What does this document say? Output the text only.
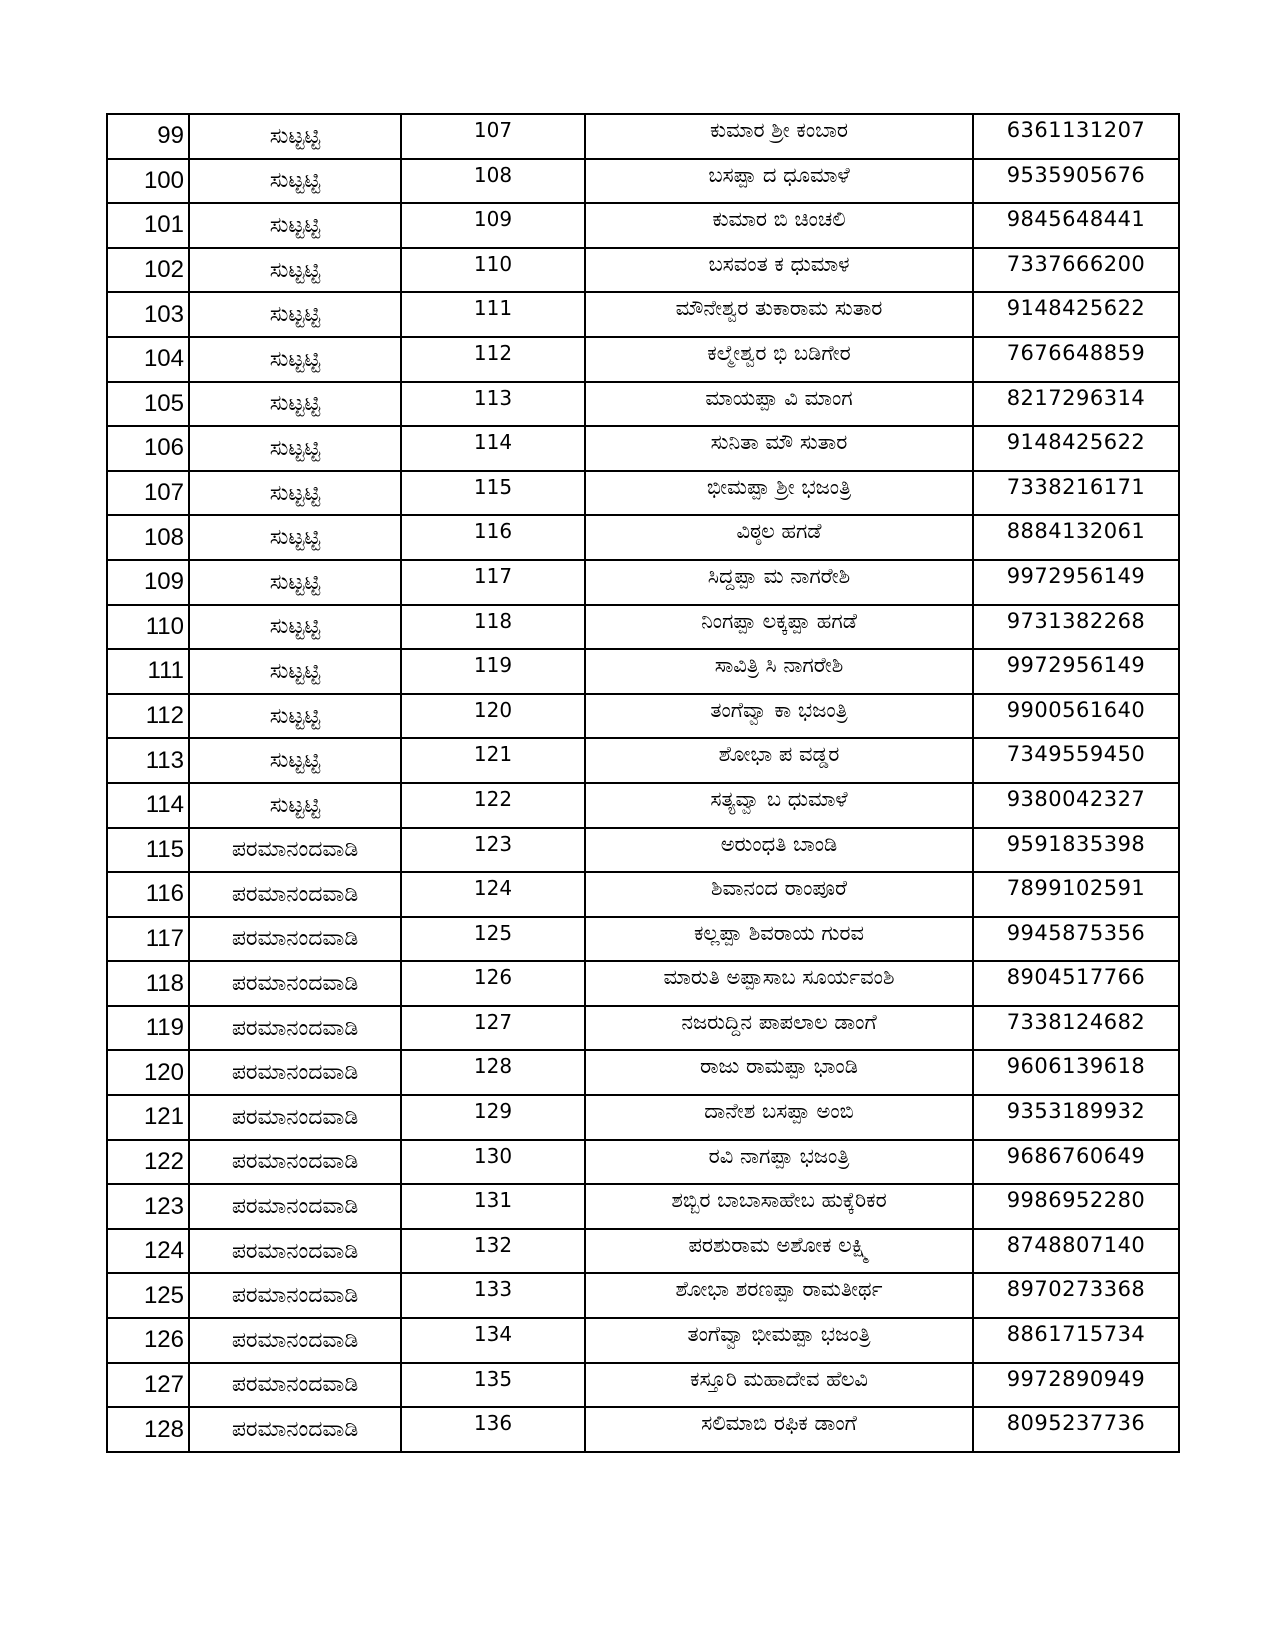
99	ಸುಟ್ಟಟ್ಟಿ	107	ಕುಮಾರ ಶ್ರೀ ಕಂಬಾರ	6361131207
100	ಸುಟ್ಟಟ್ಟಿ	108	ಬಸಪ್ಪಾ ದ ಧೂಮಾಳೆ	9535905676
101	ಸುಟ್ಟಟ್ಟಿ	109	ಕುಮಾರ ಬಿ ಚಿಂಚಲಿ	9845648441
102	ಸುಟ್ಟಟ್ಟಿ	110	ಬಸವಂತ ಕ ಧುಮಾಳ	7337666200
103	ಸುಟ್ಟಟ್ಟಿ	111	ಮೌನೇಶ್ವರ ತುಕಾರಾಮ ಸುತಾರ	9148425622
104	ಸುಟ್ಟಟ್ಟಿ	112	ಕಲ್ಮೇಶ್ವರ ಭಿ ಬಡಿಗೇರ	7676648859
105	ಸುಟ್ಟಟ್ಟಿ	113	ಮಾಯಪ್ಪಾ ವಿ ಮಾಂಗ	8217296314
106	ಸುಟ್ಟಟ್ಟಿ	114	ಸುನಿತಾ ಮೌ ಸುತಾರ	9148425622
107	ಸುಟ್ಟಟ್ಟಿ	115	ಭೀಮಪ್ಪಾ ಶ್ರೀ ಭಜಂತ್ರಿ	7338216171
108	ಸುಟ್ಟಟ್ಟಿ	116	ವಿಠ್ಠಲ ಹಗಡೆ	8884132061
109	ಸುಟ್ಟಟ್ಟಿ	117	ಸಿದ್ದಪ್ಪಾ ಮ ನಾಗರೇಶಿ	9972956149
110	ಸುಟ್ಟಟ್ಟಿ	118	ನಿಂಗಪ್ಪಾ ಲಕ್ಕಪ್ಪಾ ಹಗಡೆ	9731382268
111	ಸುಟ್ಟಟ್ಟಿ	119	ಸಾವಿತ್ರಿ ಸಿ ನಾಗರೇಶಿ	9972956149
112	ಸುಟ್ಟಟ್ಟಿ	120	ತಂಗೆವ್ವಾ ಕಾ ಭಜಂತ್ರಿ	9900561640
113	ಸುಟ್ಟಟ್ಟಿ	121	ಶೋಭಾ ಪ ವಡ್ಡರ	7349559450
114	ಸುಟ್ಟಟ್ಟಿ	122	ಸತ್ಯವ್ವಾ ಬ ಧುಮಾಳೆ	9380042327
115	ಪರಮಾನಂದವಾಡಿ	123	ಅರುಂಧತಿ ಬಾಂಡಿ	9591835398
116	ಪರಮಾನಂದವಾಡಿ	124	ಶಿವಾನಂದ ರಾಂಪೂರೆ	7899102591
117	ಪರಮಾನಂದವಾಡಿ	125	ಕಲ್ಲಪ್ಪಾ ಶಿವರಾಯ ಗುರವ	9945875356
118	ಪರಮಾನಂದವಾಡಿ	126	ಮಾರುತಿ ಅಪ್ಪಾಸಾಬ ಸೂರ್ಯವಂಶಿ	8904517766
119	ಪರಮಾನಂದವಾಡಿ	127	ನಜರುದ್ದಿನ ಪಾಪಲಾಲ ಡಾಂಗೆ	7338124682
120	ಪರಮಾನಂದವಾಡಿ	128	ರಾಜು ರಾಮಪ್ಪಾ ಭಾಂಡಿ	9606139618
121	ಪರಮಾನಂದವಾಡಿ	129	ದಾನೇಶ ಬಸಪ್ಪಾ ಅಂಬಿ	9353189932
122	ಪರಮಾನಂದವಾಡಿ	130	ರವಿ ನಾಗಪ್ಪಾ ಭಜಂತ್ರಿ	9686760649
123	ಪರಮಾನಂದವಾಡಿ	131	ಶಬ್ಬಿರ ಬಾಬಾಸಾಹೇಬ ಹುಕ್ಕೆರಿಕರ	9986952280
124	ಪರಮಾನಂದವಾಡಿ	132	ಪರಶುರಾಮ ಅಶೋಕ ಲಕ್ಷ್ಮಿ	8748807140
125	ಪರಮಾನಂದವಾಡಿ	133	ಶೋಭಾ ಶರಣಪ್ಪಾ ರಾಮತೀರ್ಥ	8970273368
126	ಪರಮಾನಂದವಾಡಿ	134	ತಂಗೆವ್ವಾ ಭೀಮಪ್ಪಾ ಭಜಂತ್ರಿ	8861715734
127	ಪರಮಾನಂದವಾಡಿ	135	ಕಸ್ತೂರಿ ಮಹಾದೇವ ಹೆಲವಿ	9972890949
128	ಪರಮಾನಂದವಾಡಿ	136	ಸಲಿಮಾಬಿ ರಫಿಕ ಡಾಂಗೆ	8095237736
